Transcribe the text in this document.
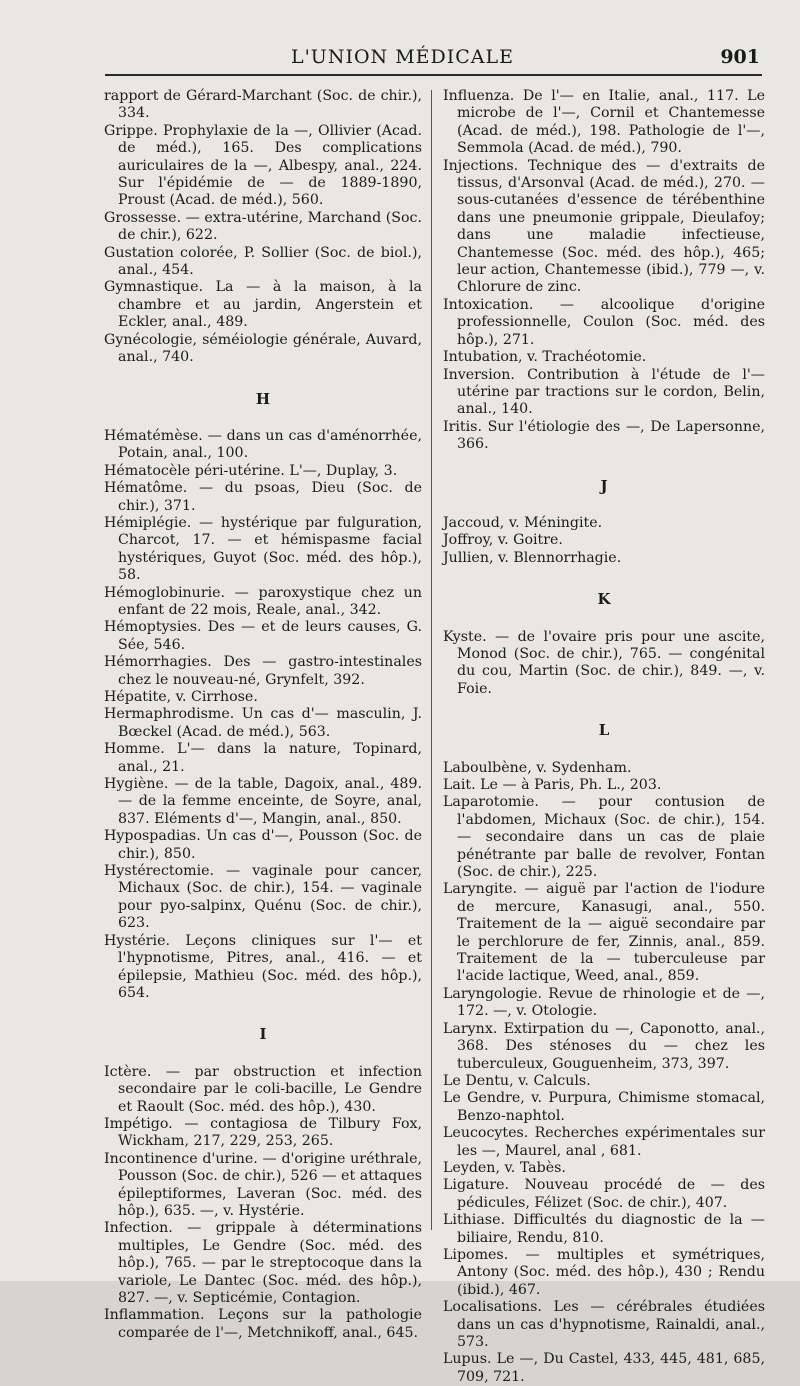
L'UNION MÉDICALE	901

rapport de Gérard-Marchant (Soc. de chir.), 334.

Grippe. Prophylaxie de la —, Ollivier (Acad. de méd.), 165. Des complications auriculaires de la —, Albespy, anal., 224. Sur l'épidémie de — de 1889-1890, Proust (Acad. de méd.), 560.

Grossesse. — extra-utérine, Marchand (Soc. de chir.), 622.

Gustation colorée, P. Sollier (Soc. de biol.), anal., 454.

Gymnastique. La — à la maison, à la chambre et au jardin, Angerstein et Eckler, anal., 489.

Gynécologie, séméiologie générale, Auvard, anal., 740.

H

Hématémèse. — dans un cas d'aménorrhée, Potain, anal., 100.

Hématocèle péri-utérine. L'—, Duplay, 3.

Hématôme. — du psoas, Dieu (Soc. de chir.), 371.

Hémiplégie. — hystérique par fulguration, Charcot, 17. — et hémispasme facial hystériques, Guyot (Soc. méd. des hôp.), 58.

Hémoglobinurie. — paroxystique chez un enfant de 22 mois, Reale, anal., 342.

Hémoptysies. Des — et de leurs causes, G. Sée, 546.

Hémorrhagies. Des — gastro-intestinales chez le nouveau-né, Grynfelt, 392.

Hépatite, v. Cirrhose.

Hermaphrodisme. Un cas d'— masculin, J. Bœckel (Acad. de méd.), 563.

Homme. L'— dans la nature, Topinard, anal., 21.

Hygiène. — de la table, Dagoix, anal., 489. — de la femme enceinte, de Soyre, anal, 837. Eléments d'—, Mangin, anal., 850.

Hypospadias. Un cas d'—, Pousson (Soc. de chir.), 850.

Hystérectomie. — vaginale pour cancer, Michaux (Soc. de chir.), 154. — vaginale pour pyo-salpinx, Quénu (Soc. de chir.), 623.

Hystérie. Leçons cliniques sur l'— et l'hypnotisme, Pitres, anal., 416. — et épilepsie, Mathieu (Soc. méd. des hôp.), 654.

I

Ictère. — par obstruction et infection secondaire par le coli-bacille, Le Gendre et Raoult (Soc. méd. des hôp.), 430.

Impétigo. — contagiosa de Tilbury Fox, Wickham, 217, 229, 253, 265.

Incontinence d'urine. — d'origine uréthrale, Pousson (Soc. de chir.), 526 — et attaques épileptiformes, Laveran (Soc. méd. des hôp.), 635. —, v. Hystérie.

Infection. — grippale à déterminations multiples, Le Gendre (Soc. méd. des hôp.), 765. — par le streptocoque dans la variole, Le Dantec (Soc. méd. des hôp.), 827. —, v. Septicémie, Contagion.

Inflammation. Leçons sur la pathologie comparée de l'—, Metchnikoff, anal., 645.

Influenza. De l'— en Italie, anal., 117. Le microbe de l'—, Cornil et Chantemesse (Acad. de méd.), 198. Pathologie de l'—, Semmola (Acad. de méd.), 790.

Injections. Technique des — d'extraits de tissus, d'Arsonval (Acad. de méd.), 270. — sous-cutanées d'essence de térébenthine dans une pneumonie grippale, Dieulafoy; dans une maladie infectieuse, Chantemesse (Soc. méd. des hôp.), 465; leur action, Chantemesse (ibid.), 779 —, v. Chlorure de zinc.

Intoxication. — alcoolique d'origine professionnelle, Coulon (Soc. méd. des hôp.), 271.

Intubation, v. Trachéotomie.

Inversion. Contribution à l'étude de l'— utérine par tractions sur le cordon, Belin, anal., 140.

Iritis. Sur l'étiologie des —, De Lapersonne, 366.

J

Jaccoud, v. Méningite.

Joffroy, v. Goitre.

Jullien, v. Blennorrhagie.

K

Kyste. — de l'ovaire pris pour une ascite, Monod (Soc. de chir.), 765. — congénital du cou, Martin (Soc. de chir.), 849. —, v. Foie.

L

Laboulbène, v. Sydenham.

Lait. Le — à Paris, Ph. L., 203.

Laparotomie. — pour contusion de l'abdomen, Michaux (Soc. de chir.), 154. — secondaire dans un cas de plaie pénétrante par balle de revolver, Fontan (Soc. de chir.), 225.

Laryngite. — aiguë par l'action de l'iodure de mercure, Kanasugi, anal., 550. Traitement de la — aiguë secondaire par le perchlorure de fer, Zinnis, anal., 859. Traitement de la — tuberculeuse par l'acide lactique, Weed, anal., 859.

Laryngologie. Revue de rhinologie et de —, 172. —, v. Otologie.

Larynx. Extirpation du —, Caponotto, anal., 368. Des sténoses du — chez les tuberculeux, Gouguenheim, 373, 397.

Le Dentu, v. Calculs.

Le Gendre, v. Purpura, Chimisme stomacal, Benzo-naphtol.

Leucocytes. Recherches expérimentales sur les —, Maurel, anal , 681.

Leyden, v. Tabès.

Ligature. Nouveau procédé de — des pédicules, Félizet (Soc. de chir.), 407.

Lithiase. Difficultés du diagnostic de la — biliaire, Rendu, 810.

Lipomes. — multiples et symétriques, Antony (Soc. méd. des hôp.), 430 ; Rendu (ibid.), 467.

Localisations. Les — cérébrales étudiées dans un cas d'hypnotisme, Rainaldi, anal., 573.

Lupus. Le —, Du Castel, 433, 445, 481, 685, 709, 721.
